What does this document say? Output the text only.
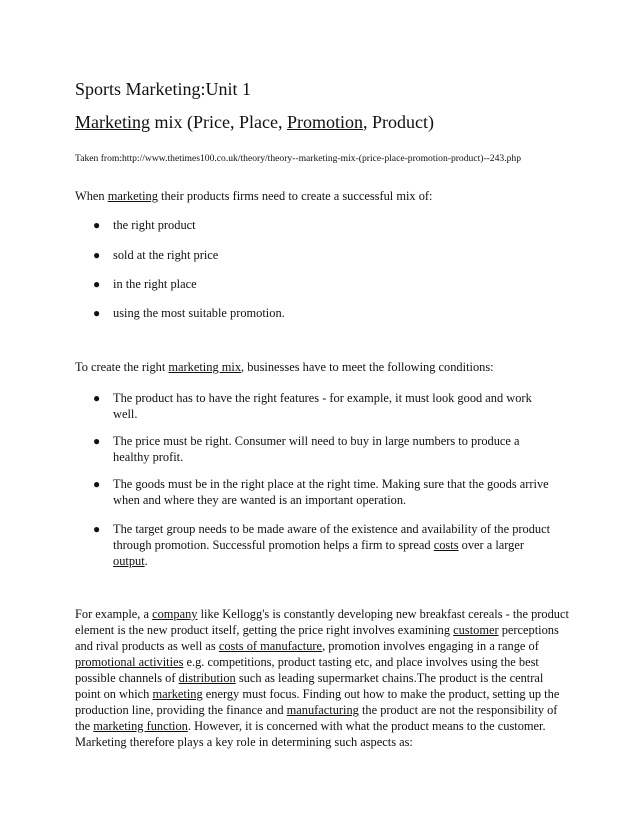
Sports Marketing:Unit 1
Marketing mix (Price, Place, Promotion, Product)
Taken from:http://www.thetimes100.co.uk/theory/theory--marketing-mix-(price-place-promotion-product)--243.php
When marketing their products firms need to create a successful mix of:
● the right product
● sold at the right price
● in the right place
● using the most suitable promotion.
To create the right marketing mix, businesses have to meet the following conditions:
● The product has to have the right features - for example, it must look good and work well.
● The price must be right. Consumer will need to buy in large numbers to produce a healthy profit.
● The goods must be in the right place at the right time. Making sure that the goods arrive when and where they are wanted is an important operation.
● The target group needs to be made aware of the existence and availability of the product through promotion. Successful promotion helps a firm to spread costs over a larger output.
For example, a company like Kellogg's is constantly developing new breakfast cereals - the product element is the new product itself, getting the price right involves examining customer perceptions and rival products as well as costs of manufacture, promotion involves engaging in a range of promotional activities e.g. competitions, product tasting etc, and place involves using the best possible channels of distribution such as leading supermarket chains.The product is the central point on which marketing energy must focus. Finding out how to make the product, setting up the production line, providing the finance and manufacturing the product are not the responsibility of the marketing function. However, it is concerned with what the product means to the customer. Marketing therefore plays a key role in determining such aspects as:
